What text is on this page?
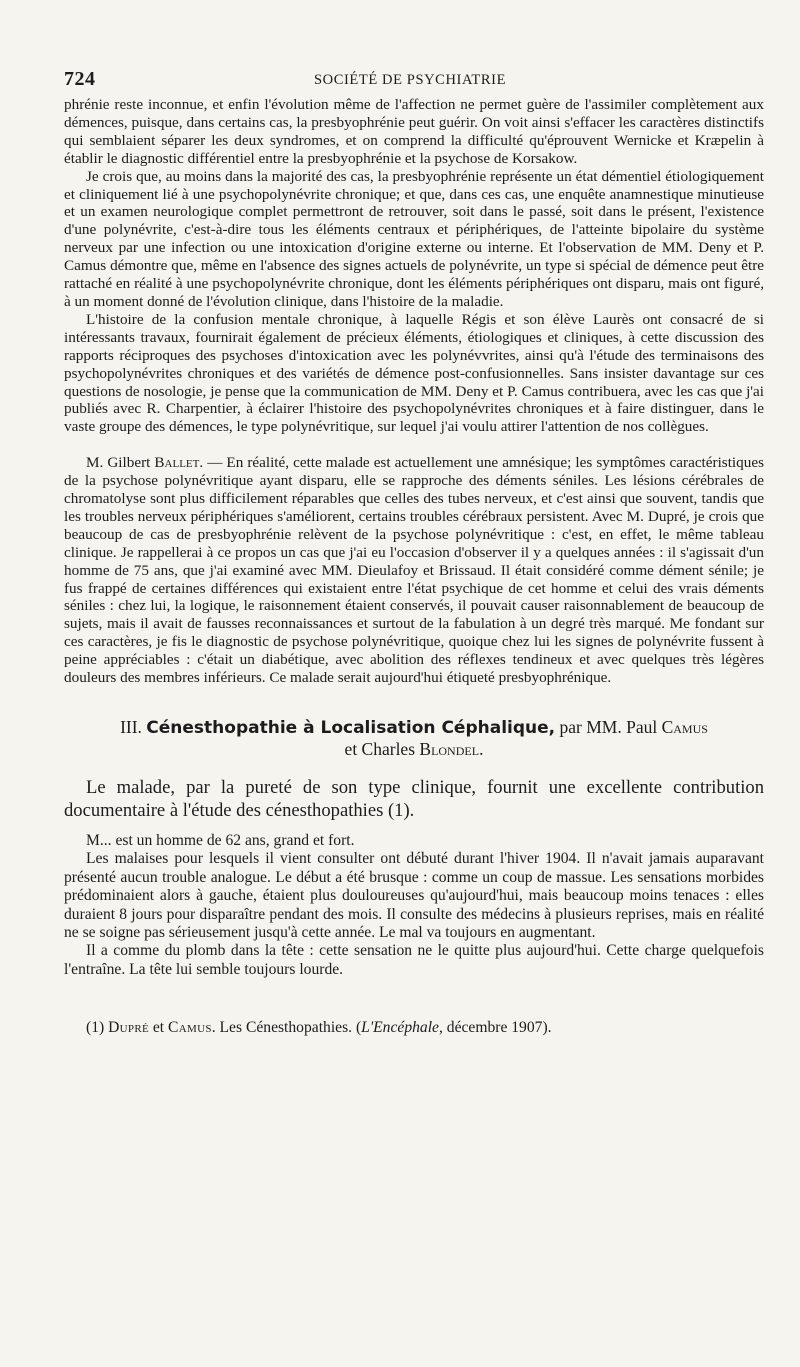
724	SOCIÉTÉ DE PSYCHIATRIE

phrénie reste inconnue, et enfin l'évolution même de l'affection ne permet guère de l'assimiler complètement aux démences, puisque, dans certains cas, la presbyophrénie peut guérir. On voit ainsi s'effacer les caractères distinctifs qui semblaient séparer les deux syndromes, et on comprend la difficulté qu'éprouvent Wernicke et Kræpelin à établir le diagnostic différentiel entre la presbyophrénie et la psychose de Korsakow.

Je crois que, au moins dans la majorité des cas, la presbyophrénie représente un état démentiel étiologiquement et cliniquement lié à une psychopolynévrite chronique; et que, dans ces cas, une enquête anamnestique minutieuse et un examen neurologique complet permettront de retrouver, soit dans le passé, soit dans le présent, l'existence d'une polynévrite, c'est-à-dire tous les éléments centraux et périphériques, de l'atteinte bipolaire du système nerveux par une infection ou une intoxication d'origine externe ou interne. Et l'observation de MM. Deny et P. Camus démontre que, même en l'absence des signes actuels de polynévrite, un type si spécial de démence peut être rattaché en réalité à une psychopolynévrite chronique, dont les éléments périphériques ont disparu, mais ont figuré, à un moment donné de l'évolution clinique, dans l'histoire de la maladie.

L'histoire de la confusion mentale chronique, à laquelle Régis et son élève Laurès ont consacré de si intéressants travaux, fournirait également de précieux éléments, étiologiques et cliniques, à cette discussion des rapports réciproques des psychoses d'intoxication avec les polynévvrites, ainsi qu'à l'étude des terminaisons des psychopolynévrites chroniques et des variétés de démence post-confusionnelles. Sans insister davantage sur ces questions de nosologie, je pense que la communication de MM. Deny et P. Camus contribuera, avec les cas que j'ai publiés avec R. Charpentier, à éclairer l'histoire des psychopolynévrites chroniques et à faire distinguer, dans le vaste groupe des démences, le type polynévritique, sur lequel j'ai voulu attirer l'attention de nos collègues.

M. Gilbert Ballet. — En réalité, cette malade est actuellement une amnésique; les symptômes caractéristiques de la psychose polynévritique ayant disparu, elle se rapproche des déments séniles. Les lésions cérébrales de chromatolyse sont plus difficilement réparables que celles des tubes nerveux, et c'est ainsi que souvent, tandis que les troubles nerveux périphériques s'améliorent, certains troubles cérébraux persistent. Avec M. Dupré, je crois que beaucoup de cas de presbyophrénie relèvent de la psychose polynévritique : c'est, en effet, le même tableau clinique. Je rappellerai à ce propos un cas que j'ai eu l'occasion d'observer il y a quelques années : il s'agissait d'un homme de 75 ans, que j'ai examiné avec MM. Dieulafoy et Brissaud. Il était considéré comme dément sénile; je fus frappé de certaines différences qui existaient entre l'état psychique de cet homme et celui des vrais déments séniles : chez lui, la logique, le raisonnement étaient conservés, il pouvait causer raisonnablement de beaucoup de sujets, mais il avait de fausses reconnaissances et surtout de la fabulation à un degré très marqué. Me fondant sur ces caractères, je fis le diagnostic de psychose polynévritique, quoique chez lui les signes de polynévrite fussent à peine appréciables : c'était un diabétique, avec abolition des réflexes tendineux et avec quelques très légères douleurs des membres inférieurs. Ce malade serait aujourd'hui étiqueté presbyophrénique.

III. Cénesthopathie à Localisation Céphalique, par MM. Paul Camus
et Charles Blondel.

Le malade, par la pureté de son type clinique, fournit une excellente contribution documentaire à l'étude des cénesthopathies (1).

M... est un homme de 62 ans, grand et fort.

Les malaises pour lesquels il vient consulter ont débuté durant l'hiver 1904. Il n'avait jamais auparavant présenté aucun trouble analogue. Le début a été brusque : comme un coup de massue. Les sensations morbides prédominaient alors à gauche, étaient plus douloureuses qu'aujourd'hui, mais beaucoup moins tenaces : elles duraient 8 jours pour disparaître pendant des mois. Il consulte des médecins à plusieurs reprises, mais en réalité ne se soigne pas sérieusement jusqu'à cette année. Le mal va toujours en augmentant.

Il a comme du plomb dans la tête : cette sensation ne le quitte plus aujourd'hui. Cette charge quelquefois l'entraîne. La tête lui semble toujours lourde.

(1) Dupré et Camus. Les Cénesthopathies. (L'Encéphale, décembre 1907).
